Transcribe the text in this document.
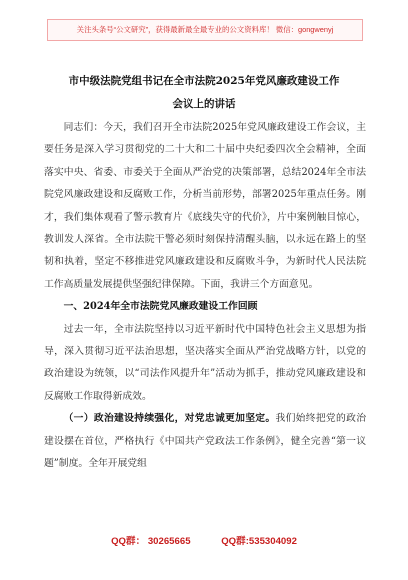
关注头条号“公文研究”，获得最新最全最专业的公文资料库！ 微信：gongwenyj
市中级法院党组书记在全市法院2025年党风廉政建设工作
会议上的讲话

同志们：今天，我们召开全市法院2025年党风廉政建设工作会议，主要任务是深入学习贯彻党的二十大和二十届中央纪委四次全会精神，全面落实中央、省委、市委关于全面从严治党的决策部署，总结2024年全市法院党风廉政建设和反腐败工作，分析当前形势，部署2025年重点任务。刚才，我们集体观看了警示教育片《底线失守的代价》，片中案例触目惊心，教训发人深省。全市法院干警必须时刻保持清醒头脑，以永远在路上的坚韧和执着，坚定不移推进党风廉政建设和反腐败斗争，为新时代人民法院工作高质量发展提供坚强纪律保障。下面，我讲三个方面意见。

一、2024年全市法院党风廉政建设工作回顾

过去一年，全市法院坚持以习近平新时代中国特色社会主义思想为指导，深入贯彻习近平法治思想，坚决落实全面从严治党战略方针，以党的政治建设为统领，以“司法作风提升年”活动为抓手，推动党风廉政建设和反腐败工作取得新成效。

（一）政治建设持续强化，对党忠诚更加坚定。我们始终把党的政治建设摆在首位，严格执行《中国共产党政法工作条例》，健全完善“第一议题”制度。全年开展党组

QQ群： 30265665	QQ群:535304092
